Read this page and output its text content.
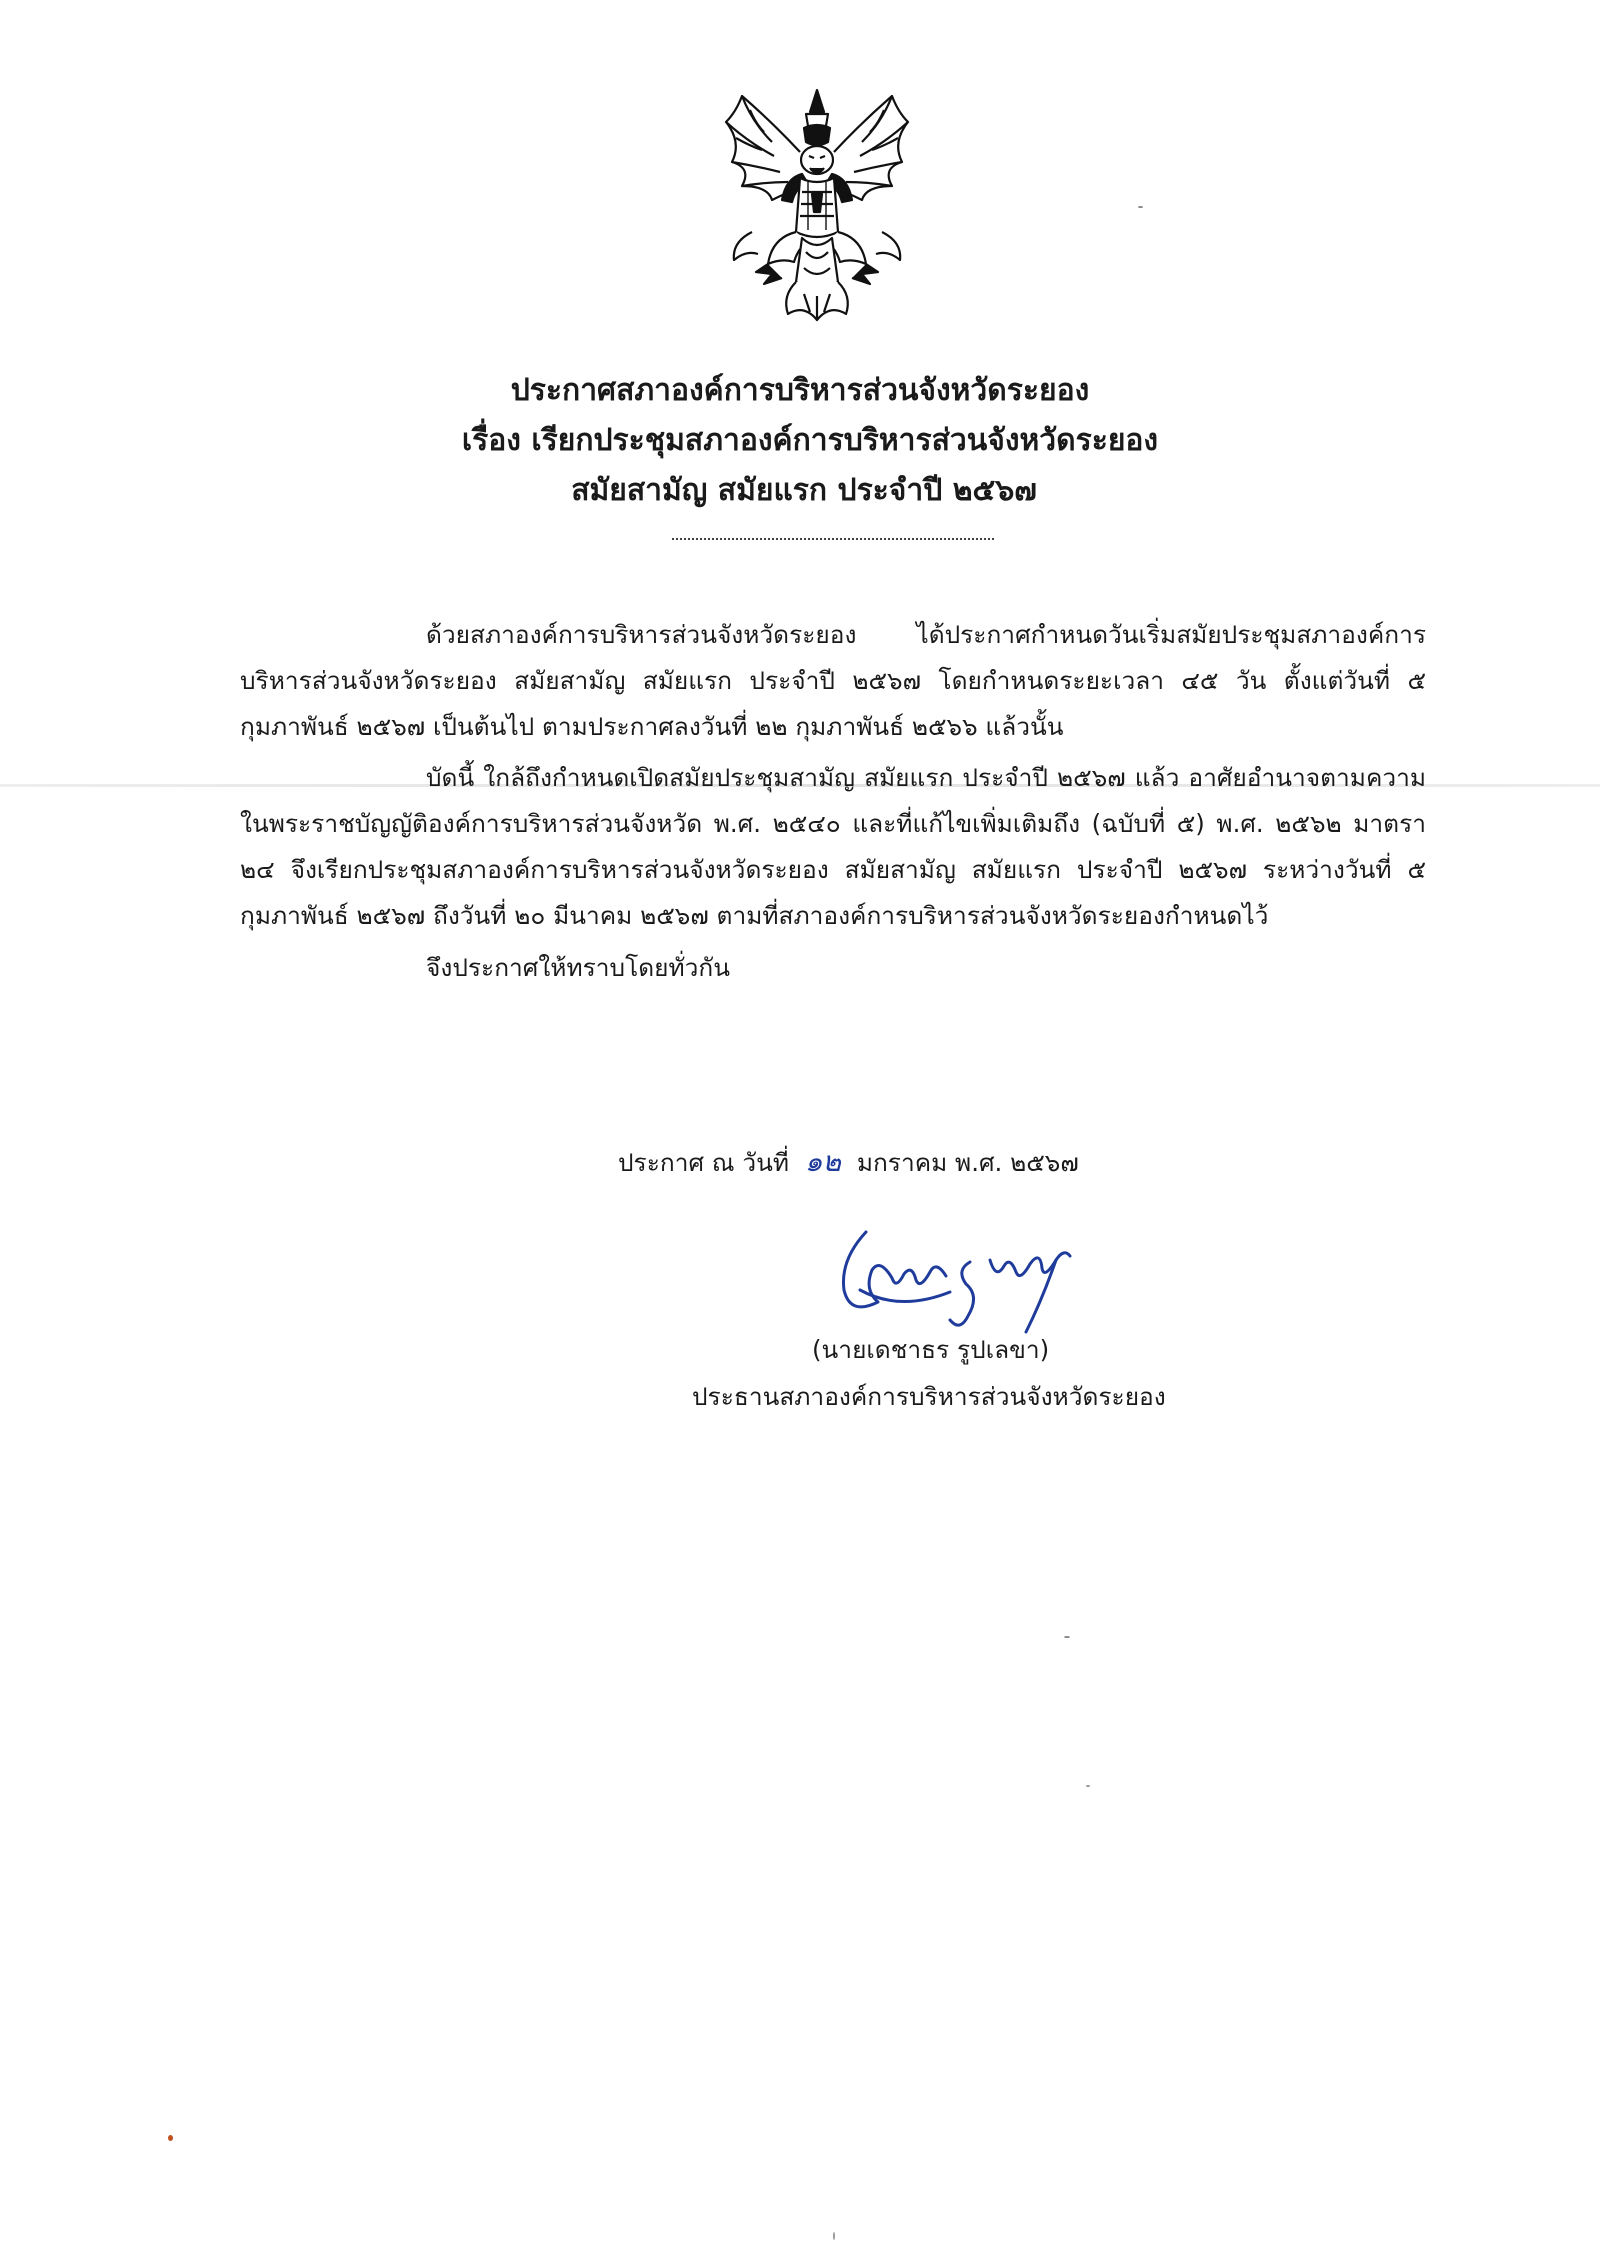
ประกาศสภาองค์การบริหารส่วนจังหวัดระยอง

เรื่อง เรียกประชุมสภาองค์การบริหารส่วนจังหวัดระยอง

สมัยสามัญ สมัยแรก ประจำปี ๒๕๖๗

ด้วยสภาองค์การบริหารส่วนจังหวัดระยอง ได้ประกาศกำหนดวันเริ่มสมัยประชุมสภาองค์การบริหารส่วนจังหวัดระยอง สมัยสามัญ สมัยแรก ประจำปี ๒๕๖๗ โดยกำหนดระยะเวลา ๔๕ วัน ตั้งแต่วันที่ ๕ กุมภาพันธ์ ๒๕๖๗ เป็นต้นไป ตามประกาศลงวันที่ ๒๒ กุมภาพันธ์ ๒๕๖๖ แล้วนั้น

บัดนี้ ใกล้ถึงกำหนดเปิดสมัยประชุมสามัญ สมัยแรก ประจำปี ๒๕๖๗ แล้ว อาศัยอำนาจตามความในพระราชบัญญัติองค์การบริหารส่วนจังหวัด พ.ศ. ๒๕๔๐ และที่แก้ไขเพิ่มเติมถึง (ฉบับที่ ๕) พ.ศ. ๒๕๖๒ มาตรา ๒๔ จึงเรียกประชุมสภาองค์การบริหารส่วนจังหวัดระยอง สมัยสามัญ สมัยแรก ประจำปี ๒๕๖๗ ระหว่างวันที่ ๕ กุมภาพันธ์ ๒๕๖๗ ถึงวันที่ ๒๐ มีนาคม ๒๕๖๗ ตามที่สภาองค์การบริหารส่วนจังหวัดระยองกำหนดไว้

จึงประกาศให้ทราบโดยทั่วกัน

ประกาศ ณ วันที่ ๑๒ มกราคม พ.ศ. ๒๕๖๗
(นายเดชาธร รูปเลขา)
ประธานสภาองค์การบริหารส่วนจังหวัดระยอง
